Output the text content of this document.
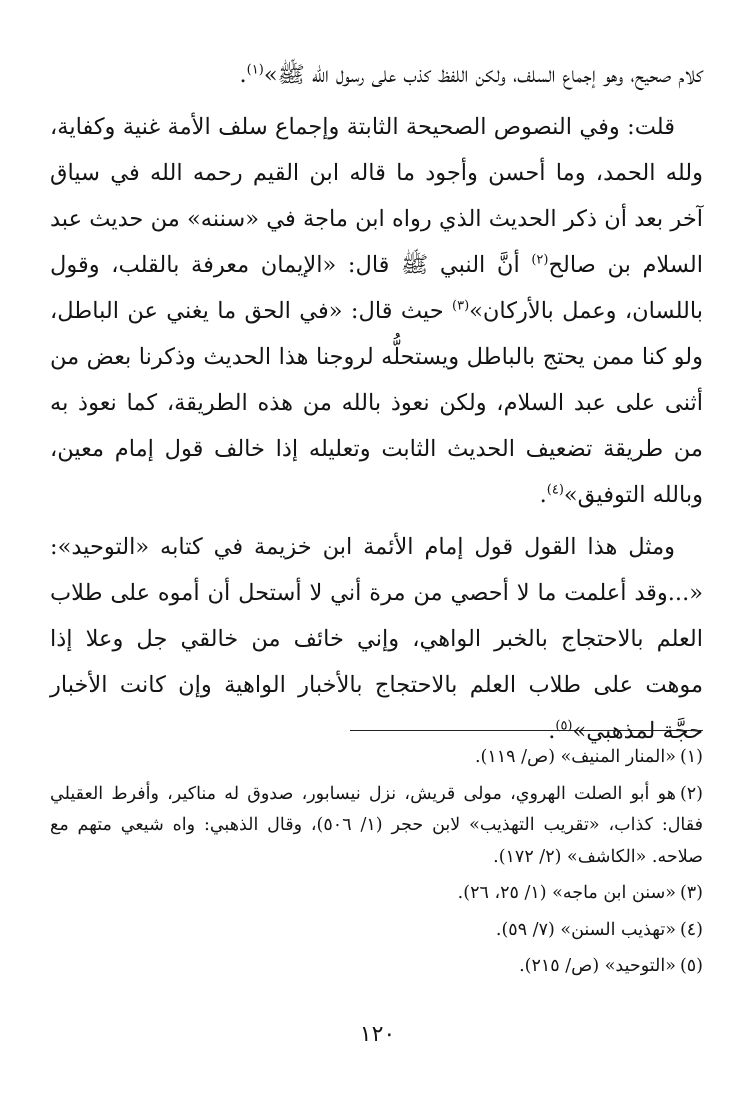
كلام صحيح، وهو إجماع السلف، ولكن اللفظ كذب على رسول الله ﷺ»$^{(١)}$.

قلت: وفي النصوص الصحيحة الثابتة وإجماع سلف الأمة غنية وكفاية، ولله الحمد، وما أحسن وأجود ما قاله ابن القيم رحمه الله في سياق آخر بعد أن ذكر الحديث الذي رواه ابن ماجة في «سننه» من حديث عبد السلام بن صالح$^{(٢)}$ أنَّ النبي ﷺ قال: «الإيمان معرفة بالقلب، وقول باللسان، وعمل بالأركان»$^{(٣)}$ حيث قال: «في الحق ما يغني عن الباطل، ولو كنا ممن يحتج بالباطل ويستحلُّه لروجنا هذا الحديث وذكرنا بعض من أثنى على عبد السلام، ولكن نعوذ بالله من هذه الطريقة، كما نعوذ به من طريقة تضعيف الحديث الثابت وتعليله إذا خالف قول إمام معين، وبالله التوفيق»$^{(٤)}$.

ومثل هذا القول قول إمام الأئمة ابن خزيمة في كتابه «التوحيد»: «...وقد أعلمت ما لا أحصي من مرة أني لا أستحل أن أموه على طلاب العلم بالاحتجاج بالخبر الواهي، وإني خائف من خالقي جل وعلا إذا موهت على طلاب العلم بالاحتجاج بالأخبار الواهية وإن كانت الأخبار حجَّة لمذهبي»$^{(٥)}$.

(١)«المنار المنيف» (ص/ ١١٩).

(٢)هو أبو الصلت الهروي، مولى قريش، نزل نيسابور، صدوق له مناكير، وأفرط العقيلي فقال: كذاب، «تقريب التهذيب» لابن حجر (١/ ٥٠٦)، وقال الذهبي: واه شيعي متهم مع صلاحه. «الكاشف» (٢/ ١٧٢).

(٣)«سنن ابن ماجه» (١/ ٢٥، ٢٦).

(٤)«تهذيب السنن» (٧/ ٥٩).

(٥)«التوحيد» (ص/ ٢١٥).

١٢٠
